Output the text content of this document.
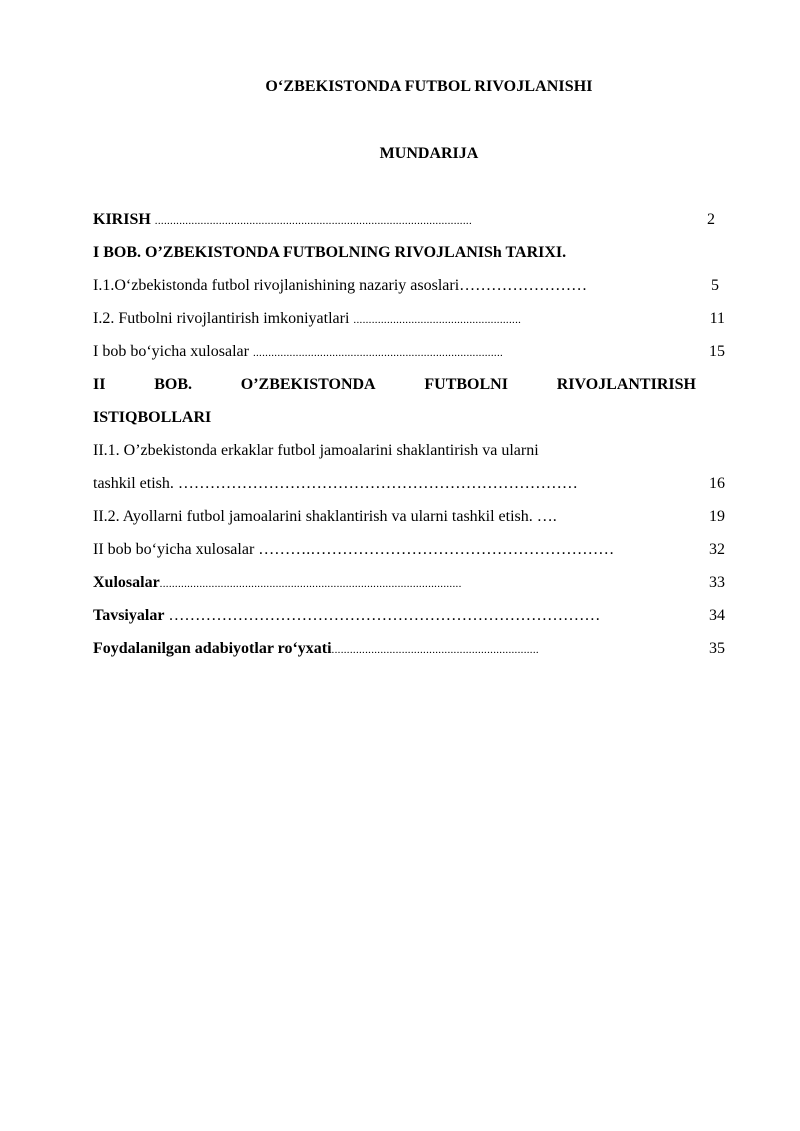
O‘ZBEKISTONDA FUTBOL RIVOJLANISHI
MUNDARIJA
KIRISH ........................................................................................................	2
I BOB. O’ZBEKISTONDA FUTBOLNING RIVOJLANISh TARIXI.
I.1.O‘zbekistonda futbol rivojlanishining nazariy asoslari……………………	5
I.2. Futbolni rivojlantirish imkoniyatlari .......................................................	11
I bob bo‘yicha xulosalar ..................................................................................	15
II	BOB.	O’ZBEKISTONDA	FUTBOLNI	RIVOJLANTIRISH
ISTIQBOLLARI
II.1. O’zbekistonda erkaklar futbol jamoalarini shaklantirish va ularni
tashkil etish. …………………………………………………………………	16
II.2. Ayollarni futbol jamoalarini shaklantirish va ularni tashkil etish. ….	19
II bob bo‘yicha xulosalar ……….…………………………………………………	32
Xulosalar...................................................................................................	33
Tavsiyalar ………………………………………………………………………	34
Foydalanilgan adabiyotlar ro‘yxati....................................................................	35
